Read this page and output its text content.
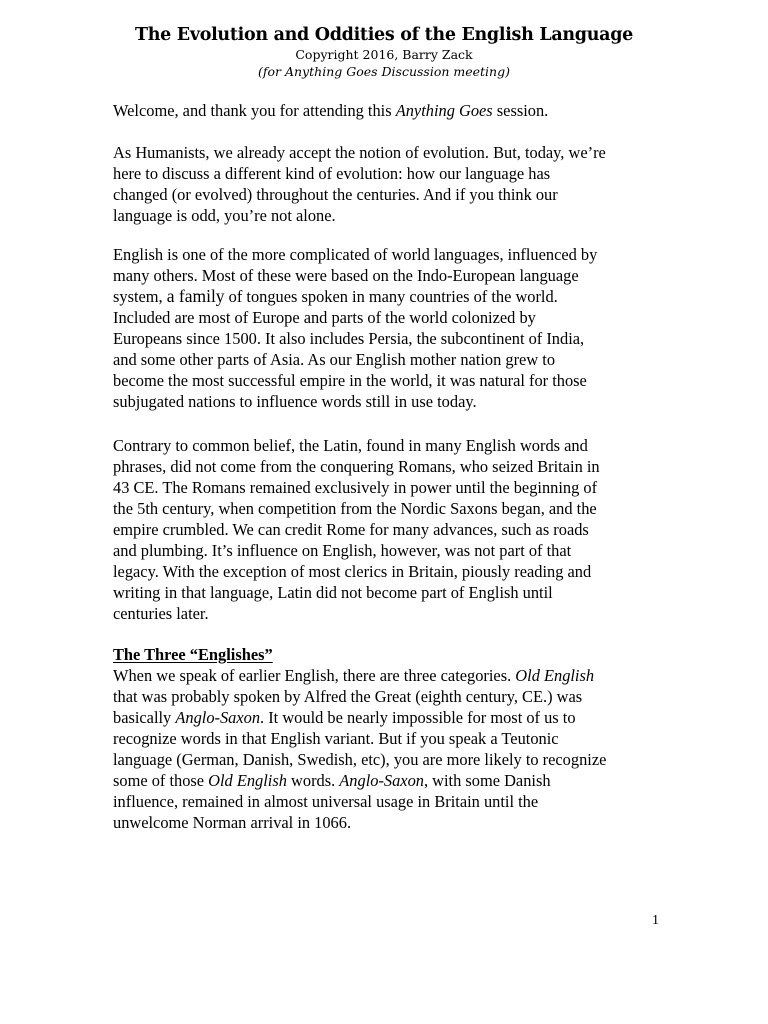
The Evolution and Oddities of the English Language
Copyright 2016, Barry Zack
(for Anything Goes Discussion meeting)

Welcome, and thank you for attending this Anything Goes session.

As Humanists, we already accept the notion of evolution. But, today, we’re

here to discuss a different kind of evolution: how our language has

changed (or evolved) throughout the centuries. And if you think our

language is odd, you’re not alone.

English is one of the more complicated of world languages, influenced by

many others. Most of these were based on the Indo-European language

system, a family of tongues spoken in many countries of the world.

Included are most of Europe and parts of the world colonized by

Europeans since 1500. It also includes Persia, the subcontinent of India,

and some other parts of Asia. As our English mother nation grew to

become the most successful empire in the world, it was natural for those

subjugated nations to influence words still in use today.

Contrary to common belief, the Latin, found in many English words and

phrases, did not come from the conquering Romans, who seized Britain in

43 CE. The Romans remained exclusively in power until the beginning of

the 5th century, when competition from the Nordic Saxons began, and the

empire crumbled. We can credit Rome for many advances, such as roads

and plumbing. It’s influence on English, however, was not part of that

legacy. With the exception of most clerics in Britain, piously reading and

writing in that language, Latin did not become part of English until

centuries later.

The Three “Englishes”

When we speak of earlier English, there are three categories. Old English

that was probably spoken by Alfred the Great (eighth century, CE.) was

basically Anglo-Saxon. It would be nearly impossible for most of us to

recognize words in that English variant. But if you speak a Teutonic

language (German, Danish, Swedish, etc), you are more likely to recognize

some of those Old English words. Anglo-Saxon, with some Danish

influence, remained in almost universal usage in Britain until the

unwelcome Norman arrival in 1066.

1
